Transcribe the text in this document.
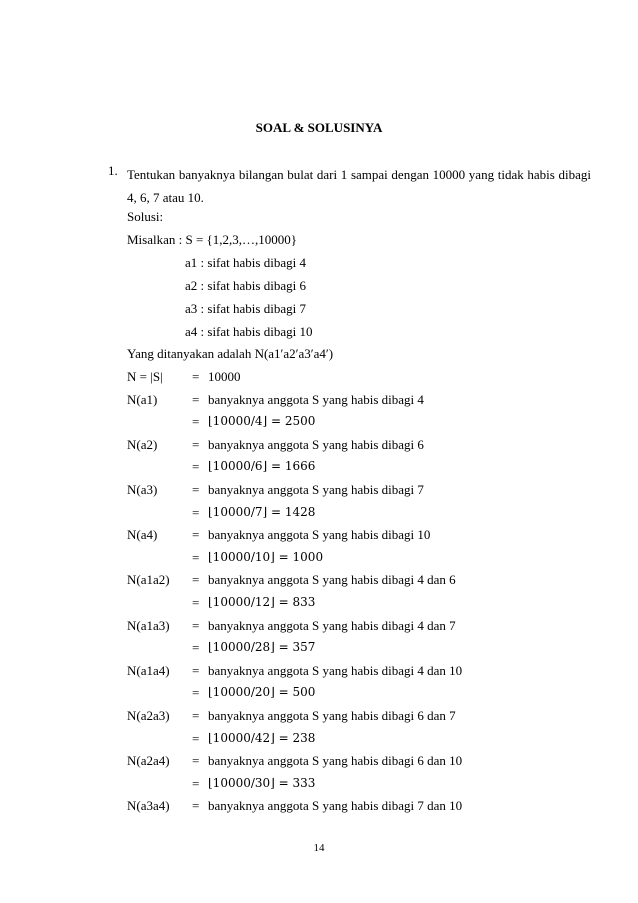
SOAL & SOLUSINYA
1. Tentukan banyaknya bilangan bulat dari 1 sampai dengan 10000 yang tidak habis dibagi 4, 6, 7 atau 10.
Solusi:
Misalkan : S = {1,2,3,…,10000}
a1 : sifat habis dibagi 4
a2 : sifat habis dibagi 6
a3 : sifat habis dibagi 7
a4 : sifat habis dibagi 10
Yang ditanyakan adalah N(a1′a2′a3′a4′)
N = |S| = 10000
N(a1)	= banyaknya anggota S yang habis dibagi 4
= ⌊10000/4⌋ = 2500
N(a2)	= banyaknya anggota S yang habis dibagi 6
= ⌊10000/6⌋ = 1666
N(a3)	= banyaknya anggota S yang habis dibagi 7
= ⌊10000/7⌋ = 1428
N(a4)	= banyaknya anggota S yang habis dibagi 10
= ⌊10000/10⌋ = 1000
N(a1a2) = banyaknya anggota S yang habis dibagi 4 dan 6
= ⌊10000/12⌋ = 833
N(a1a3) = banyaknya anggota S yang habis dibagi 4 dan 7
= ⌊10000/28⌋ = 357
N(a1a4) = banyaknya anggota S yang habis dibagi 4 dan 10
= ⌊10000/20⌋ = 500
N(a2a3) = banyaknya anggota S yang habis dibagi 6 dan 7
= ⌊10000/42⌋ = 238
N(a2a4) = banyaknya anggota S yang habis dibagi 6 dan 10
= ⌊10000/30⌋ = 333
N(a3a4) = banyaknya anggota S yang habis dibagi 7 dan 10
14
